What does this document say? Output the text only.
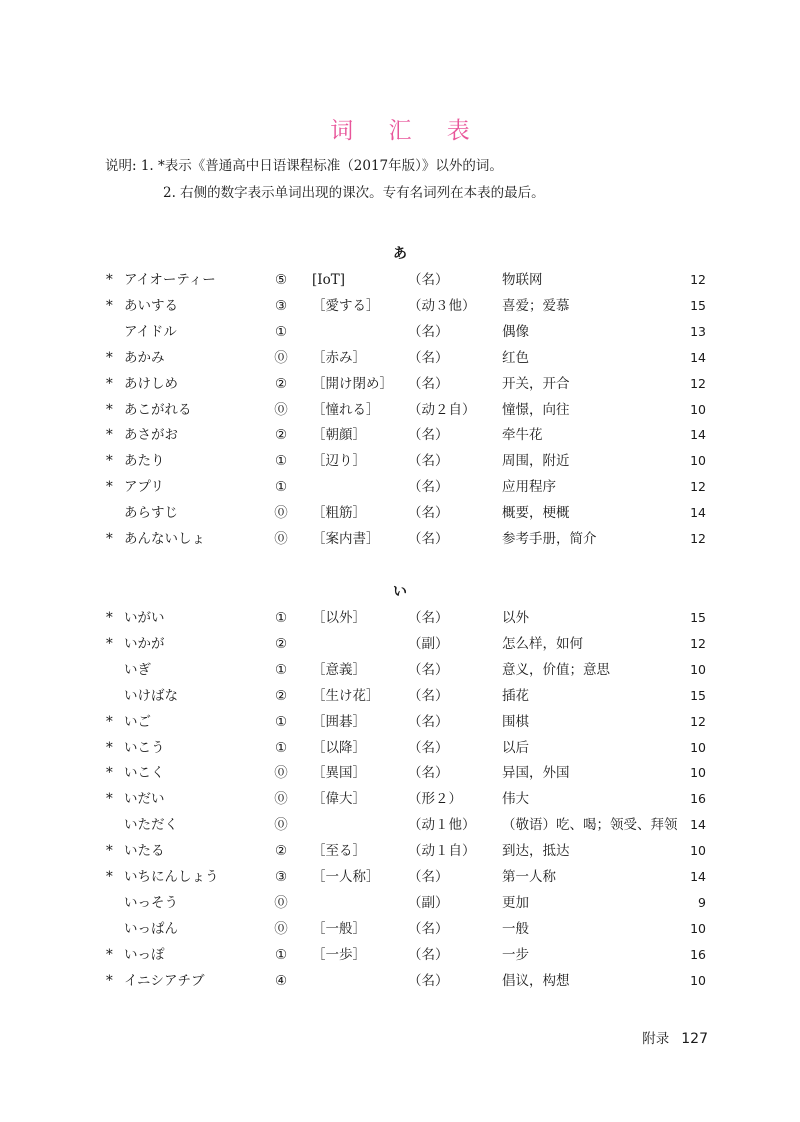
词 汇 表
说明: 1. *表示《普通高中日语课程标准（2017年版）》以外的词。
2. 右侧的数字表示单词出现的课次。专有名词列在本表的最后。
あ
* アイオーティー	⑤ [IoT]	（名）	物联网	12
* あいする	③ ［愛する］ （动３他） 喜爱；爱慕	15
アイドル	①	（名）	偶像	13
* あかみ	⓪ ［赤み］	（名）	红色	14
* あけしめ	② ［開け閉め］ （名）	开关，开合	12
* あこがれる	⓪ ［憧れる］ （动２自） 憧憬，向往	10
* あさがお	② ［朝顔］	（名）	牵牛花	14
* あたり	① ［辺り］	（名）	周围，附近	10
* アプリ	①	（名）	应用程序	12
あらすじ	⓪ ［粗筋］	（名）	概要，梗概	14
* あんないしょ	⓪ ［案内書］ （名）	参考手册，简介	12
い
* いがい	① ［以外］	（名）	以外	15
* いかが	②	（副）	怎么样，如何	12
いぎ	① ［意義］	（名）	意义，价值；意思	10
いけばな	② ［生け花］ （名）	插花	15
* いご	① ［囲碁］	（名）	围棋	12
* いこう	① ［以降］	（名）	以后	10
* いこく	⓪ ［異国］	（名）	异国，外国	10
* いだい	⓪ ［偉大］	（形２）	伟大	16
いただく	⓪	（动１他） （敬语）吃、喝；领受、拜领	14
* いたる	② ［至る］	（动１自） 到达，抵达	10
* いちにんしょう	③ ［一人称］ （名）	第一人称	14
いっそう	⓪	（副）	更加	9
いっぱん	⓪ ［一般］	（名）	一般	10
* いっぽ	① ［一歩］	（名）	一步	16
* イニシアチブ	④	（名）	倡议，构想	10
附录 127
